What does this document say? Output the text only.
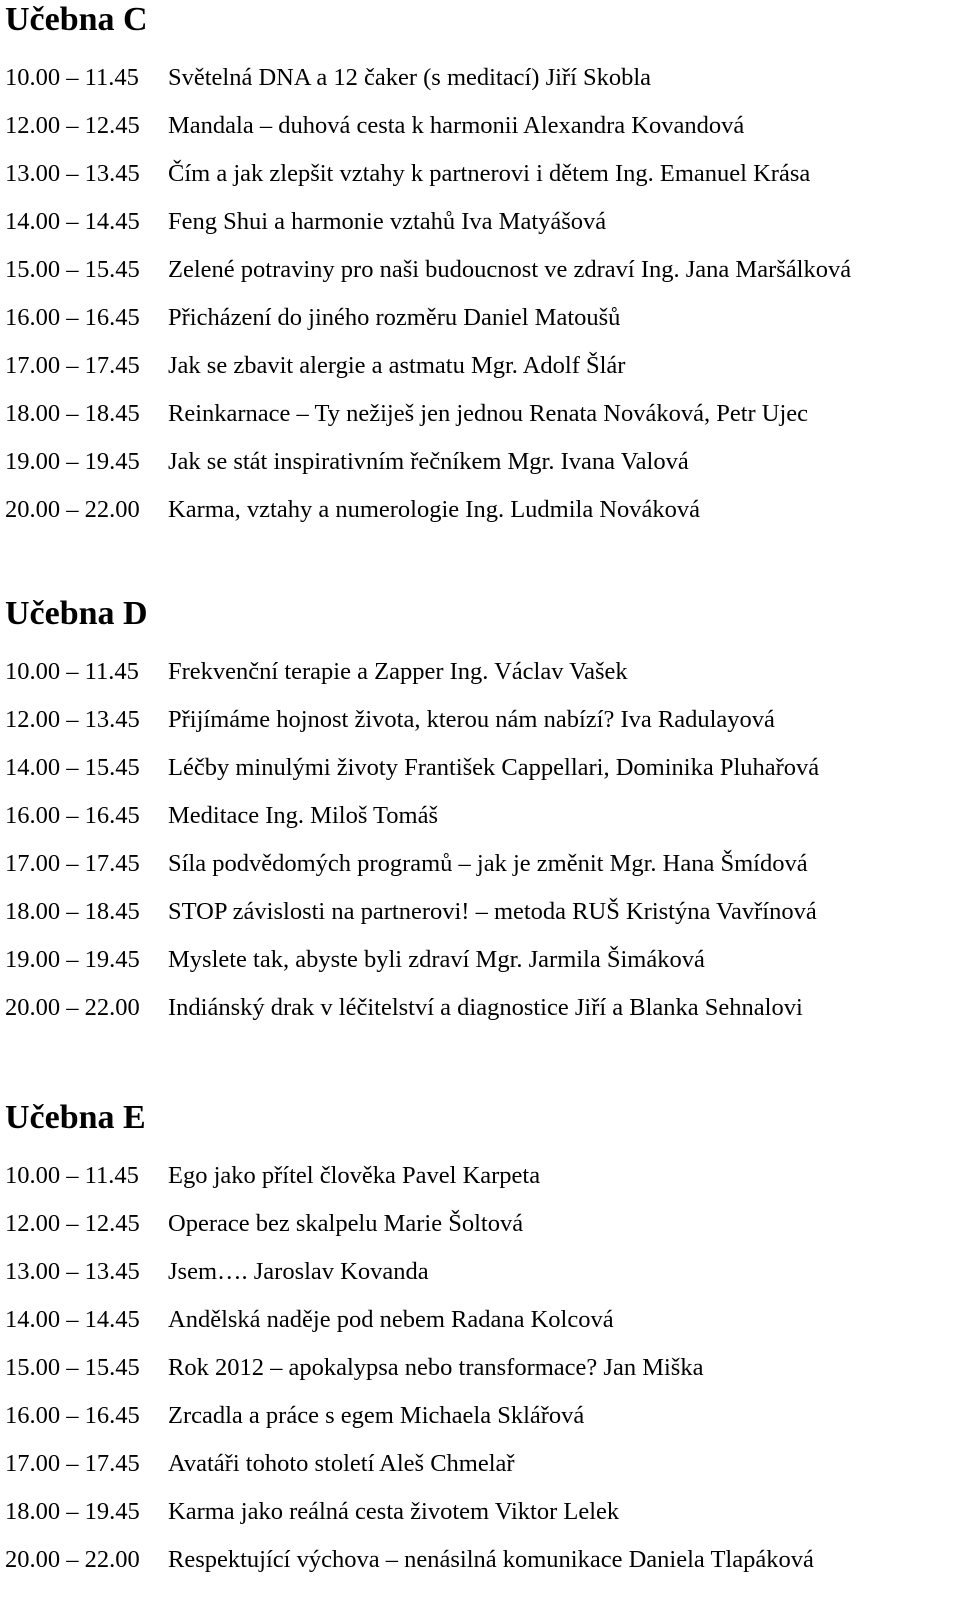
Učebna C
10.00 – 11.45	Světelná DNA a 12 čaker (s meditací) Jiří Skobla
12.00 – 12.45	Mandala – duhová cesta k harmonii Alexandra Kovandová
13.00 – 13.45	Čím a jak zlepšit vztahy k partnerovi i dětem Ing. Emanuel Krása
14.00 – 14.45	Feng Shui a harmonie vztahů Iva Matyášová
15.00 – 15.45	Zelené potraviny pro naši budoucnost ve zdraví Ing. Jana Maršálková
16.00 – 16.45	Přicházení do jiného rozměru Daniel Matoušů
17.00 – 17.45	Jak se zbavit alergie a astmatu Mgr. Adolf Šlár
18.00 – 18.45	Reinkarnace – Ty nežiješ jen jednou Renata Nováková, Petr Ujec
19.00 – 19.45	Jak se stát inspirativním řečníkem Mgr. Ivana Valová
20.00 – 22.00	Karma, vztahy a numerologie Ing. Ludmila Nováková
Učebna D
10.00 – 11.45	Frekvenční terapie a Zapper Ing. Václav Vašek
12.00 – 13.45	Přijímáme hojnost života, kterou nám nabízí? Iva Radulayová
14.00 – 15.45	Léčby minulými životy František Cappellari, Dominika Pluhařová
16.00 – 16.45	Meditace Ing. Miloš Tomáš
17.00 – 17.45	Síla podvědomých programů – jak je změnit Mgr. Hana Šmídová
18.00 – 18.45	STOP závislosti na partnerovi! – metoda RUŠ Kristýna Vavřínová
19.00 – 19.45	Myslete tak, abyste byli zdraví Mgr. Jarmila Šimáková
20.00 – 22.00	Indiánský drak v léčitelství a diagnostice Jiří a Blanka Sehnalovi
Učebna E
10.00 – 11.45	Ego jako přítel člověka Pavel Karpeta
12.00 – 12.45	Operace bez skalpelu Marie Šoltová
13.00 – 13.45	Jsem…. Jaroslav Kovanda
14.00 – 14.45	Andělská naděje pod nebem Radana Kolcová
15.00 – 15.45	Rok 2012 – apokalypsa nebo transformace? Jan Miška
16.00 – 16.45	Zrcadla a práce s egem Michaela Sklářová
17.00 – 17.45	Avatáři tohoto století Aleš Chmelař
18.00 – 19.45	Karma jako reálná cesta životem Viktor Lelek
20.00 – 22.00	Respektující výchova – nenásilná komunikace Daniela Tlapáková
